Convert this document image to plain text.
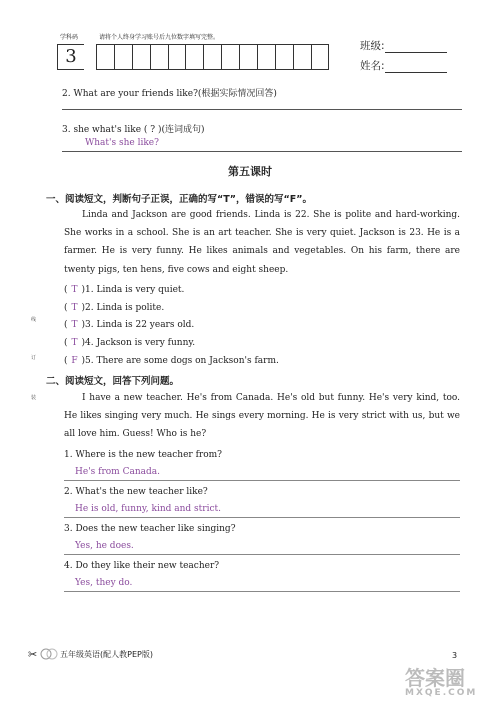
学科码	请将个人终身学习账号后九位数字填写完整。
3	班级:
姓名:
2. What are your friends like?(根据实际情况回答)
3. she what's like ( ? )(连词成句)
What's she like?
第五课时
一、阅读短文，判断句子正误，正确的写“T”，错误的写“F”。
Linda and Jackson are good friends. Linda is 22. She is polite and hard-working. She works in a school. She is an art teacher. She is very quiet. Jackson is 23. He is a farmer. He is very funny. He likes animals and vegetables. On his farm, there are twenty pigs, ten hens, five cows and eight sheep.
( T )1. Linda is very quiet.
( T )2. Linda is polite.
( T )3. Linda is 22 years old.
( T )4. Jackson is very funny.
( F )5. There are some dogs on Jackson's farm.
二、阅读短文，回答下列问题。
I have a new teacher. He's from Canada. He's old but funny. He's very kind, too. He likes singing very much. He sings every morning. He is very strict with us, but we all love him. Guess! Who is he?
1. Where is the new teacher from?
He's from Canada.
2. What's the new teacher like?
He is old, funny, kind and strict.
3. Does the new teacher like singing?
Yes, he does.
4. Do they like their new teacher?
Yes, they do.
线
订
装
✂	五年级英语(配人教PEP版)	3
答案圈
MXQE.COM
